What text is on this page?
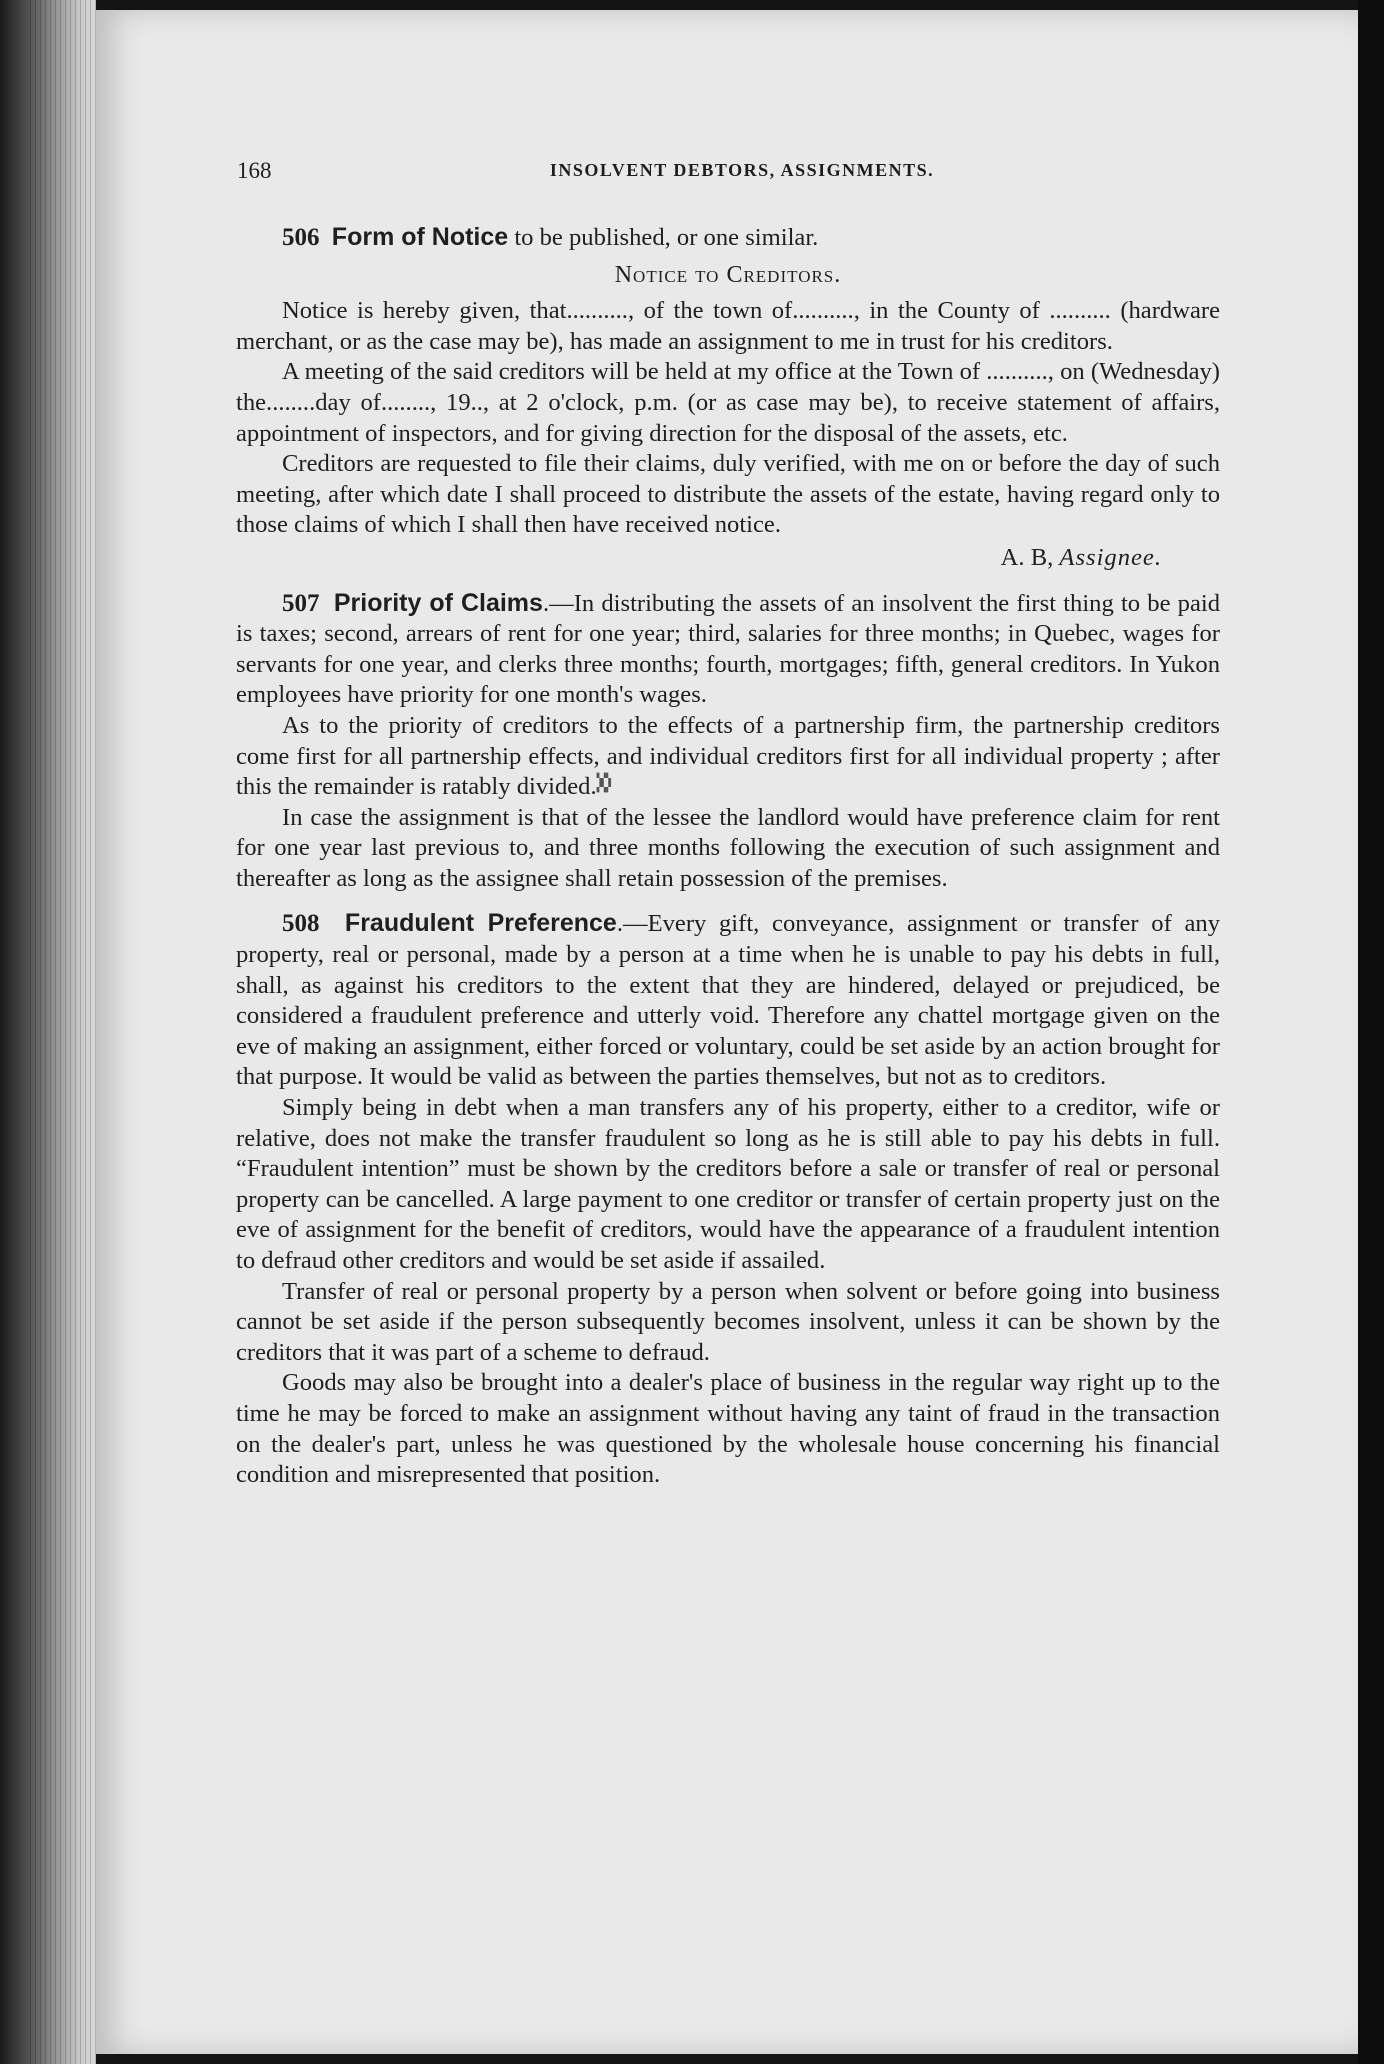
168	INSOLVENT DEBTORS, ASSIGNMENTS.

506 Form of Notice to be published, or one similar.

Notice to Creditors.

Notice is hereby given, that.........., of the town of.........., in the County of .......... (hardware merchant, or as the case may be), has made an assignment to me in trust for his creditors.

A meeting of the said creditors will be held at my office at the Town of .........., on (Wednesday) the........day of........, 19.., at 2 o'clock, p.m. (or as case may be), to receive statement of affairs, appointment of inspectors, and for giving direction for the disposal of the assets, etc.

Creditors are requested to file their claims, duly verified, with me on or before the day of such meeting, after which date I shall proceed to distribute the assets of the estate, having regard only to those claims of which I shall then have received notice.

A. B, Assignee.

507 Priority of Claims.—In distributing the assets of an insolvent the first thing to be paid is taxes; second, arrears of rent for one year; third, salaries for three months; in Quebec, wages for servants for one year, and clerks three months; fourth, mortgages; fifth, general creditors. In Yukon employees have priority for one month's wages.

As to the priority of creditors to the effects of a partnership firm, the partnership creditors come first for all partnership effects, and individual creditors first for all individual property ; after this the remainder is ratably divided.▚▞▚
▞▚▞

In case the assignment is that of the lessee the landlord would have preference claim for rent for one year last previous to, and three months following the execution of such assignment and thereafter as long as the assignee shall retain possession of the premises.

508 Fraudulent Preference.—Every gift, conveyance, assignment or transfer of any property, real or personal, made by a person at a time when he is unable to pay his debts in full, shall, as against his creditors to the extent that they are hindered, delayed or prejudiced, be considered a fraudulent preference and utterly void. Therefore any chattel mortgage given on the eve of making an assignment, either forced or voluntary, could be set aside by an action brought for that purpose. It would be valid as between the parties themselves, but not as to creditors.

Simply being in debt when a man transfers any of his property, either to a creditor, wife or relative, does not make the transfer fraudulent so long as he is still able to pay his debts in full. “Fraudulent intention” must be shown by the creditors before a sale or transfer of real or personal property can be cancelled. A large payment to one creditor or transfer of certain property just on the eve of assignment for the benefit of creditors, would have the appearance of a fraudulent intention to defraud other creditors and would be set aside if assailed.

Transfer of real or personal property by a person when solvent or before going into business cannot be set aside if the person subsequently becomes insolvent, unless it can be shown by the creditors that it was part of a scheme to defraud.

Goods may also be brought into a dealer's place of business in the regular way right up to the time he may be forced to make an assignment without having any taint of fraud in the transaction on the dealer's part, unless he was questioned by the wholesale house concerning his financial condition and misrepresented that position.
